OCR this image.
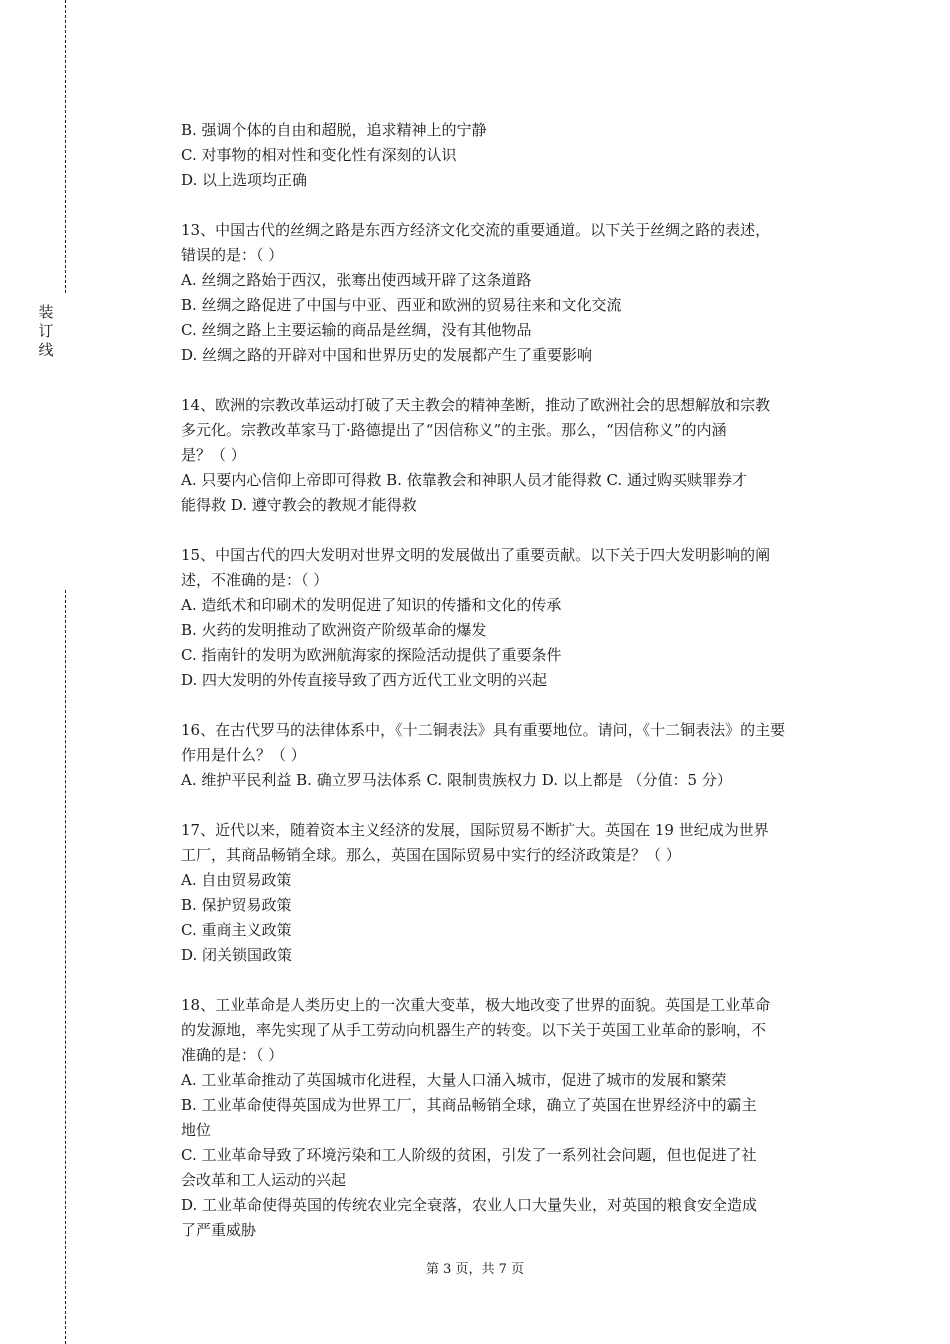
装
订
线
B. 强调个体的自由和超脱，追求精神上的宁静
C. 对事物的相对性和变化性有深刻的认识
D. 以上选项均正确
13、中国古代的丝绸之路是东西方经济文化交流的重要通道。以下关于丝绸之路的表述，
错误的是：（ ）
A. 丝绸之路始于西汉，张骞出使西域开辟了这条道路
B. 丝绸之路促进了中国与中亚、西亚和欧洲的贸易往来和文化交流
C. 丝绸之路上主要运输的商品是丝绸，没有其他物品
D. 丝绸之路的开辟对中国和世界历史的发展都产生了重要影响
14、欧洲的宗教改革运动打破了天主教会的精神垄断，推动了欧洲社会的思想解放和宗教
多元化。宗教改革家马丁·路德提出了“因信称义”的主张。那么，“因信称义”的内涵
是？（ ）
A. 只要内心信仰上帝即可得救 B. 依靠教会和神职人员才能得救 C. 通过购买赎罪券才
能得救 D. 遵守教会的教规才能得救
15、中国古代的四大发明对世界文明的发展做出了重要贡献。以下关于四大发明影响的阐
述，不准确的是：（ ）
A. 造纸术和印刷术的发明促进了知识的传播和文化的传承
B. 火药的发明推动了欧洲资产阶级革命的爆发
C. 指南针的发明为欧洲航海家的探险活动提供了重要条件
D. 四大发明的外传直接导致了西方近代工业文明的兴起
16、在古代罗马的法律体系中，《十二铜表法》具有重要地位。请问，《十二铜表法》的主要
作用是什么？（ ）
A. 维护平民利益 B. 确立罗马法体系 C. 限制贵族权力 D. 以上都是 （分值：5 分）
17、近代以来，随着资本主义经济的发展，国际贸易不断扩大。英国在 19 世纪成为世界
工厂，其商品畅销全球。那么，英国在国际贸易中实行的经济政策是？（ ）
A. 自由贸易政策
B. 保护贸易政策
C. 重商主义政策
D. 闭关锁国政策
18、工业革命是人类历史上的一次重大变革，极大地改变了世界的面貌。英国是工业革命
的发源地，率先实现了从手工劳动向机器生产的转变。以下关于英国工业革命的影响，不
准确的是：（ ）
A. 工业革命推动了英国城市化进程，大量人口涌入城市，促进了城市的发展和繁荣
B. 工业革命使得英国成为世界工厂，其商品畅销全球，确立了英国在世界经济中的霸主
地位
C. 工业革命导致了环境污染和工人阶级的贫困，引发了一系列社会问题，但也促进了社
会改革和工人运动的兴起
D. 工业革命使得英国的传统农业完全衰落，农业人口大量失业，对英国的粮食安全造成
了严重威胁
第 3 页，共 7 页
